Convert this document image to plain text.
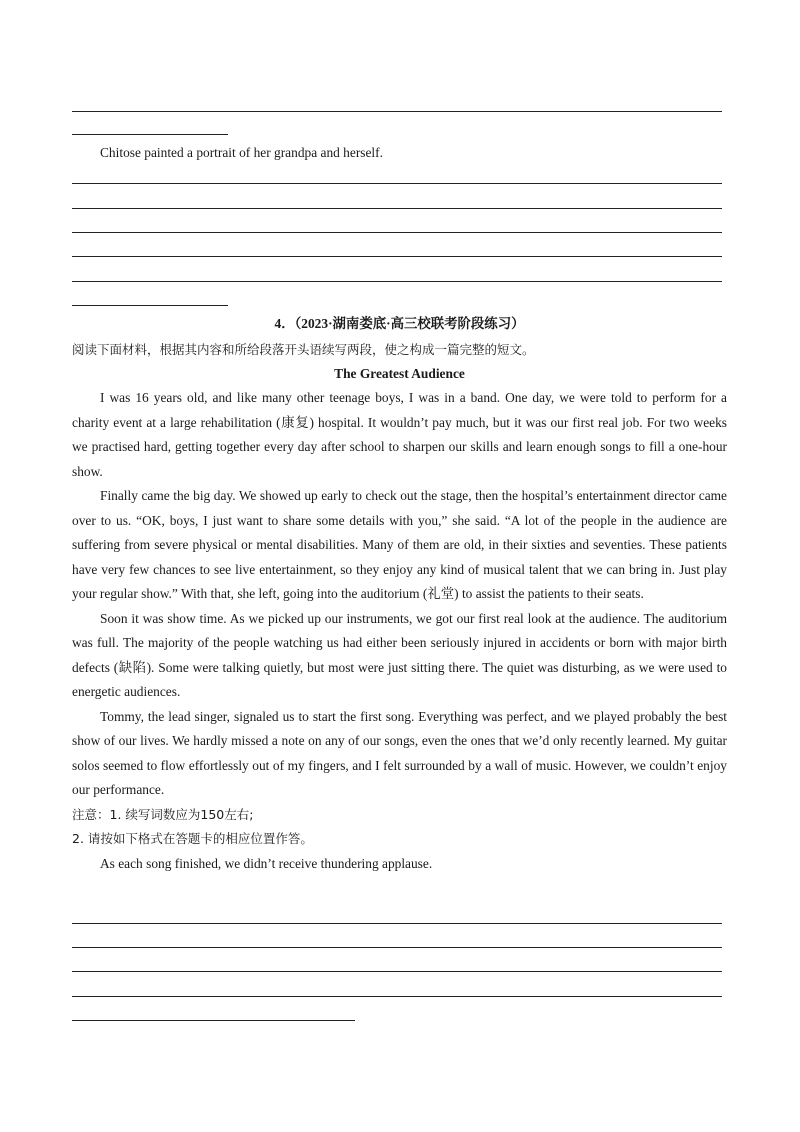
Chitose painted a portrait of her grandpa and herself.
4．（2023·湖南娄底·高三校联考阶段练习）
阅读下面材料，根据其内容和所给段落开头语续写两段，使之构成一篇完整的短文。
The Greatest Audience

I was 16 years old, and like many other teenage boys, I was in a band. One day, we were told to perform for a charity event at a large rehabilitation (康复) hospital. It wouldn’t pay much, but it was our first real job. For two weeks we practised hard, getting together every day after school to sharpen our skills and learn enough songs to fill a one-hour show.

Finally came the big day. We showed up early to check out the stage, then the hospital’s entertainment director came over to us. “OK, boys, I just want to share some details with you,” she said. “A lot of the people in the audience are suffering from severe physical or mental disabilities. Many of them are old, in their sixties and seventies. These patients have very few chances to see live entertainment, so they enjoy any kind of musical talent that we can bring in. Just play your regular show.” With that, she left, going into the auditorium (礼堂) to assist the patients to their seats.

Soon it was show time. As we picked up our instruments, we got our first real look at the audience. The auditorium was full. The majority of the people watching us had either been seriously injured in accidents or born with major birth defects (缺陷). Some were talking quietly, but most were just sitting there. The quiet was disturbing, as we were used to energetic audiences.

Tommy, the lead singer, signaled us to start the first song. Everything was perfect, and we played probably the best show of our lives. We hardly missed a note on any of our songs, even the ones that we’d only recently learned. My guitar solos seemed to flow effortlessly out of my fingers, and I felt surrounded by a wall of music. However, we couldn’t enjoy our performance.

注意：1. 续写词数应为150左右;

2. 请按如下格式在答题卡的相应位置作答。

As each song finished, we didn’t receive thundering applause.
